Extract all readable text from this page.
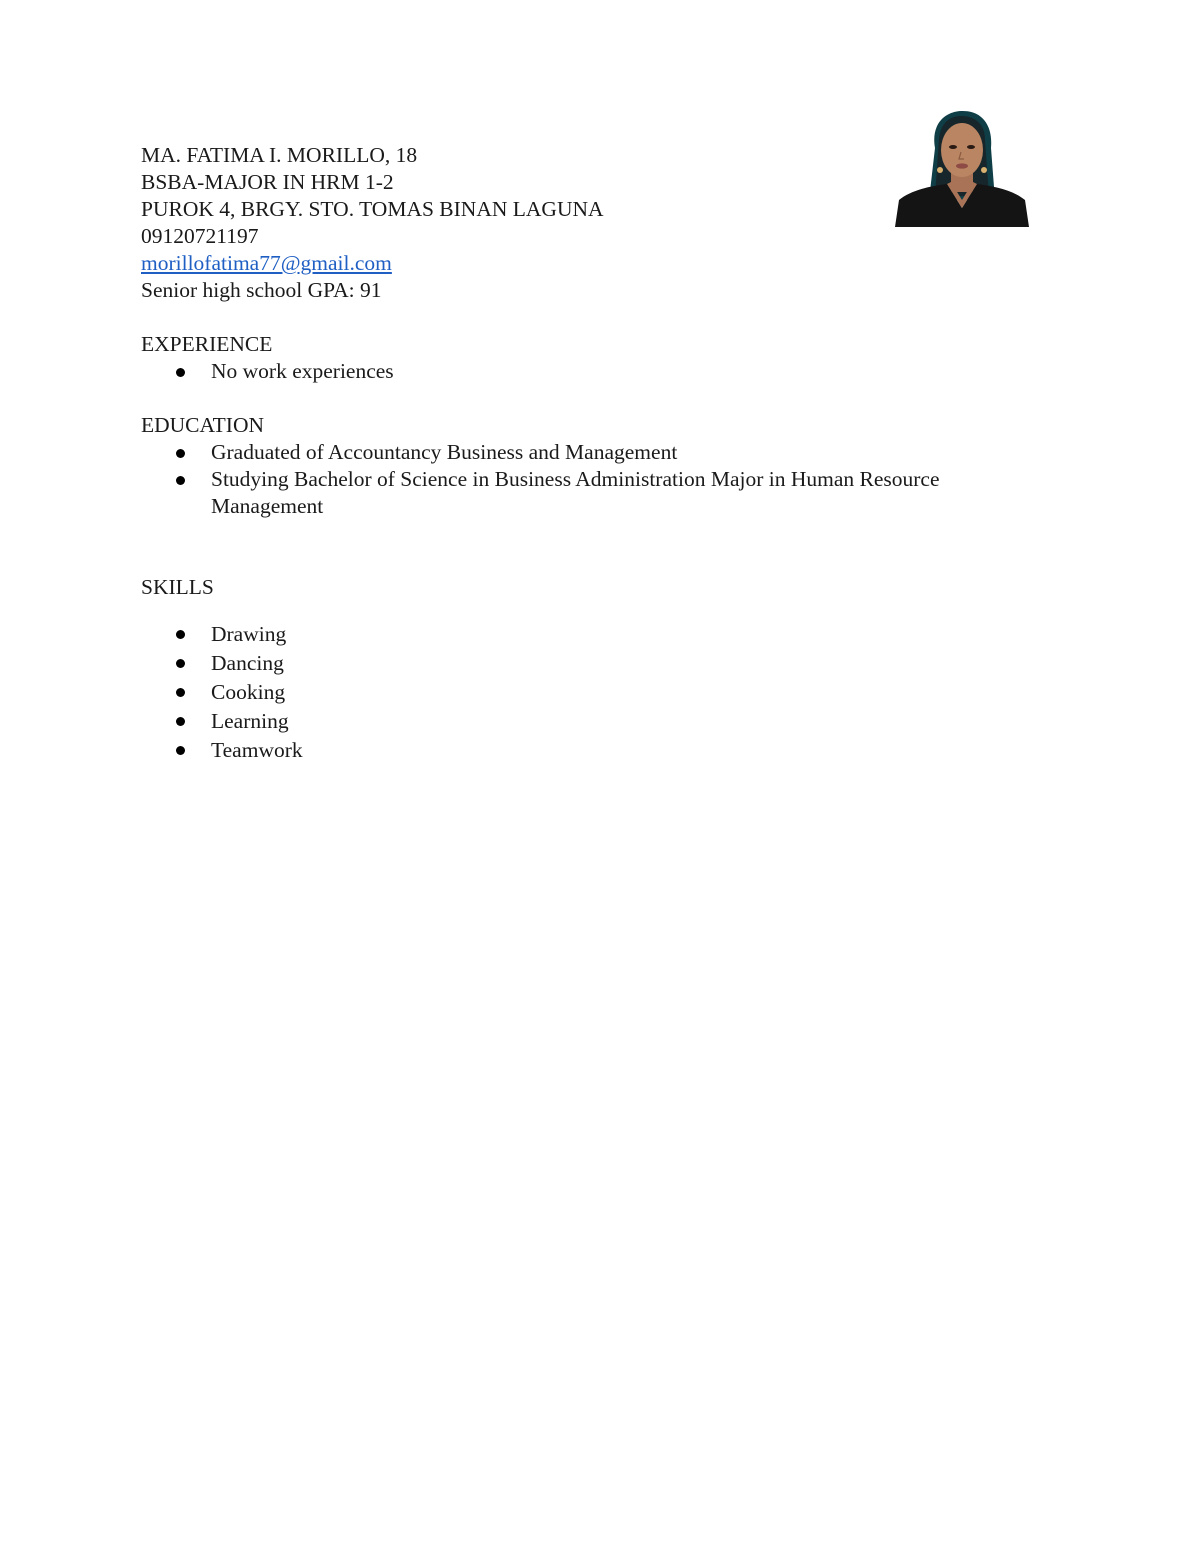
MA. FATIMA I. MORILLO, 18
BSBA-MAJOR IN HRM 1-2
PUROK 4, BRGY. STO. TOMAS BINAN LAGUNA
09120721197
morillofatima77@gmail.com
Senior high school GPA: 91
EXPERIENCE
No work experiences
EDUCATION
Graduated of Accountancy Business and Management
Studying Bachelor of Science in Business Administration Major in Human Resource
Management
SKILLS
Drawing
Dancing
Cooking
Learning
Teamwork
